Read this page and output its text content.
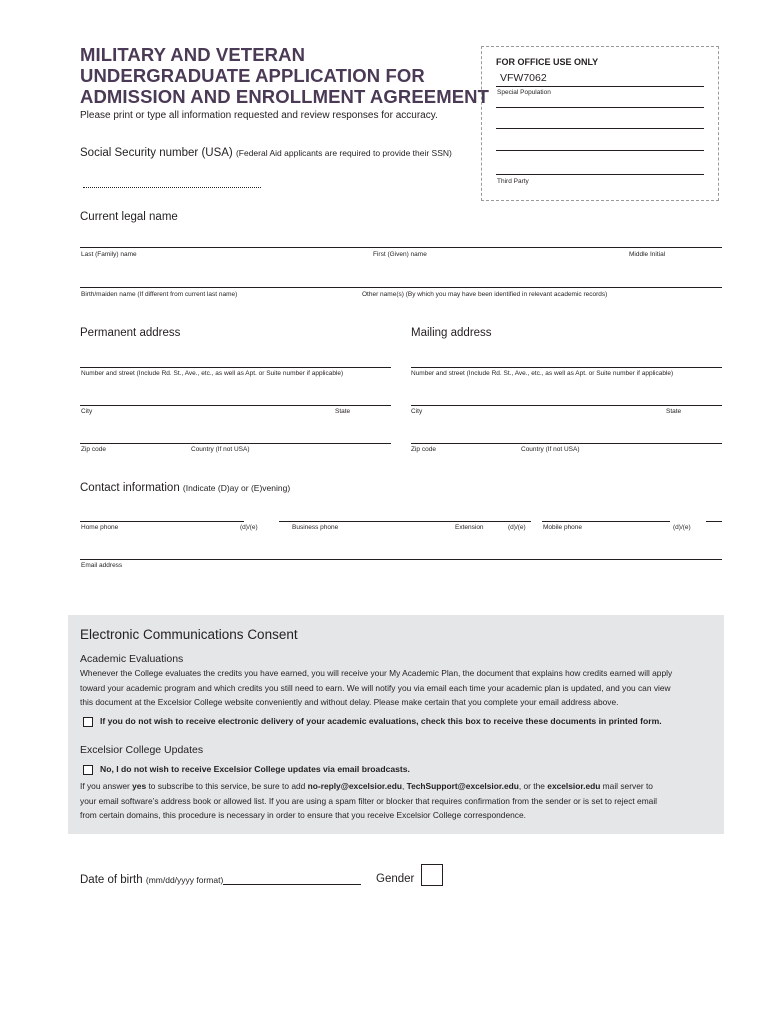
MILITARY AND VETERAN
UNDERGRADUATE APPLICATION FOR
ADMISSION AND ENROLLMENT AGREEMENT
Please print or type all information requested and review responses for accuracy.
FOR OFFICE USE ONLY
VFW7062
Special Population
Third Party
Social Security number (USA) (Federal Aid applicants are required to provide their SSN)
Current legal name
Last (Family) name	First (Given) name	Middle Initial
Birth/maiden name (If different from current last name)	Other name(s) (By which you may have been identified in relevant academic records)
Permanent address
Number and street (Include Rd. St., Ave., etc., as well as Apt. or Suite number if applicable)
City	State
Zip code	Country (If not USA)
Mailing address
Number and street (Include Rd. St., Ave., etc., as well as Apt. or Suite number if applicable)
City	State
Zip code	Country (If not USA)
Contact information (Indicate (D)ay or (E)vening)
Home phone	(d)/(e)	Business phone	Extension	(d)/(e)	Mobile phone	(d)/(e)
Email address
Electronic Communications Consent
Academic Evaluations
Whenever the College evaluates the credits you have earned, you will receive your My Academic Plan, the document that explains how credits earned will apply
toward your academic program and which credits you still need to earn. We will notify you via email each time your academic plan is updated, and you can view
this document at the Excelsior College website conveniently and without delay. Please make certain that you complete your email address above.
If you do not wish to receive electronic delivery of your academic evaluations, check this box to receive these documents in printed form.
Excelsior College Updates
No, I do not wish to receive Excelsior College updates via email broadcasts.
If you answer yes to subscribe to this service, be sure to add no-reply@excelsior.edu, TechSupport@excelsior.edu, or the excelsior.edu mail server to
your email software’s address book or allowed list. If you are using a spam filter or blocker that requires confirmation from the sender or is set to reject email
from certain domains, this procedure is necessary in order to ensure that you receive Excelsior College correspondence.
Date of birth (mm/dd/yyyy format)	Gender
